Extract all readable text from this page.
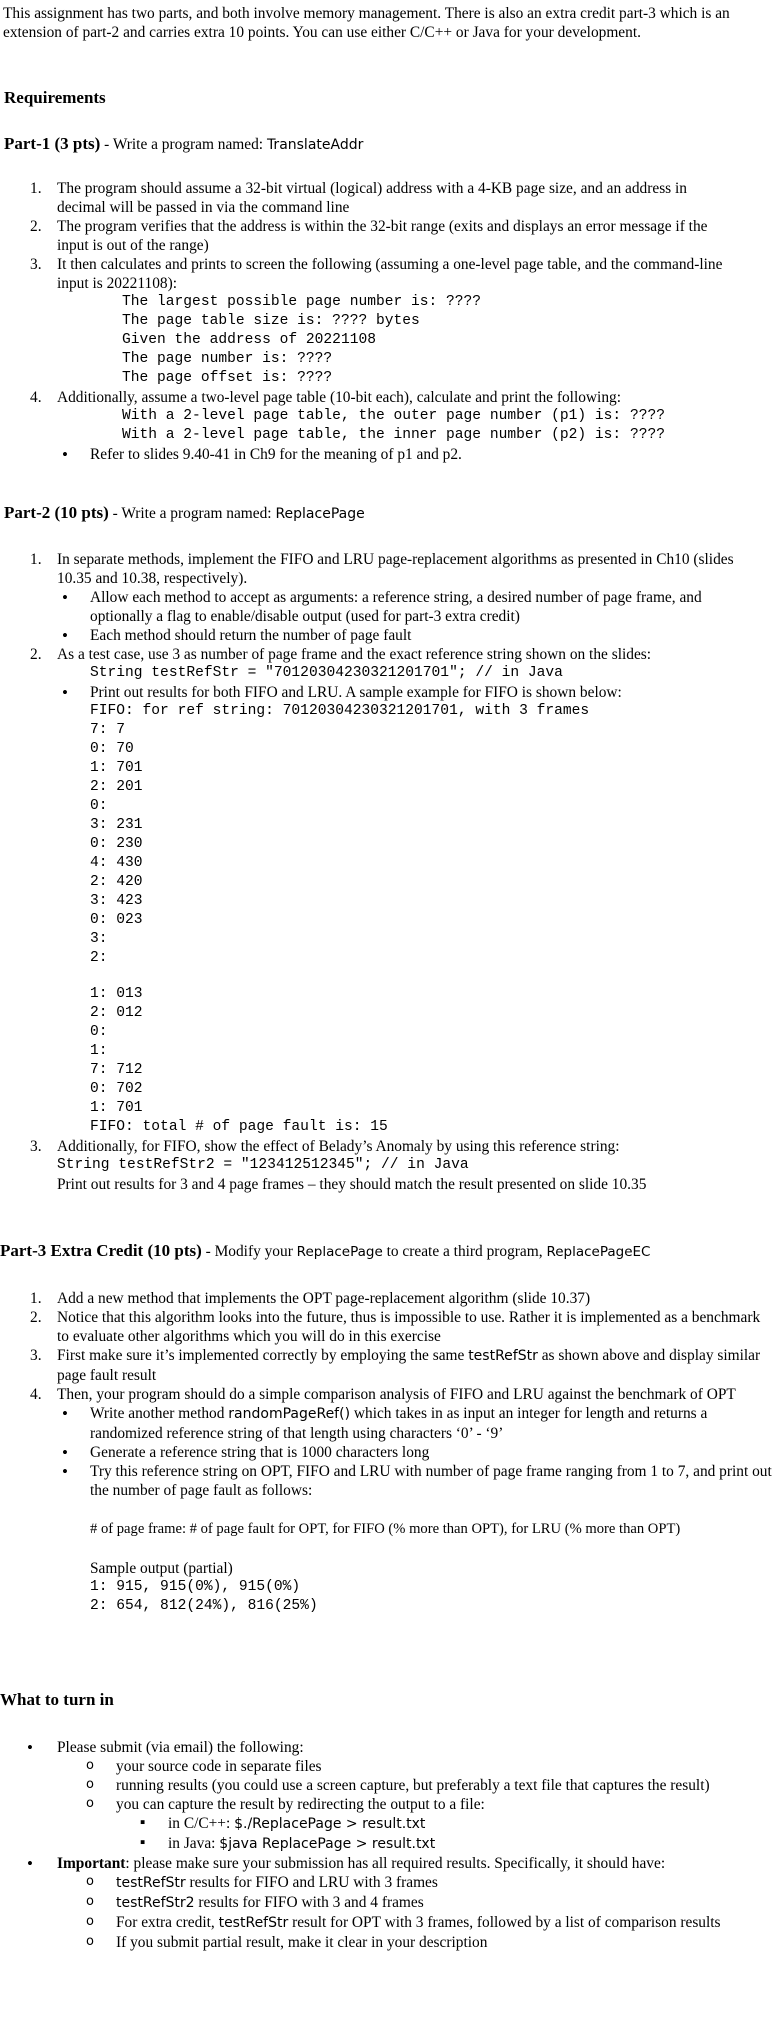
This assignment has two parts, and both involve memory management. There is also an extra credit part-3 which is an extension of part-2 and carries extra 10 points. You can use either C/C++ or Java for your development.

Requirements
Part-1 (3 pts) - Write a program named: TranslateAddr
1. The program should assume a 32-bit virtual (logical) address with a 4-KB page size, and an address in decimal will be passed in via the command line
2. The program verifies that the address is within the 32-bit range (exits and displays an error message if the input is out of the range)
3. It then calculates and prints to screen the following (assuming a one-level page table, and the command-line input is 20221108):
The largest possible page number is: ????
The page table size is: ???? bytes
Given the address of 20221108
The page number is: ????
The page offset is: ????
4. Additionally, assume a two-level page table (10-bit each), calculate and print the following:
With a 2-level page table, the outer page number (p1) is: ????
With a 2-level page table, the inner page number (p2) is: ????
• Refer to slides 9.40-41 in Ch9 for the meaning of p1 and p2.
Part-2 (10 pts) - Write a program named: ReplacePage
1. In separate methods, implement the FIFO and LRU page-replacement algorithms as presented in Ch10 (slides 10.35 and 10.38, respectively).
• Allow each method to accept as arguments: a reference string, a desired number of page frame, and optionally a flag to enable/disable output (used for part-3 extra credit)
• Each method should return the number of page fault
2. As a test case, use 3 as number of page frame and the exact reference string shown on the slides:
String testRefStr = "70120304230321201701"; // in Java
• Print out results for both FIFO and LRU. A sample example for FIFO is shown below:
FIFO: for ref string: 70120304230321201701, with 3 frames
7: 7
0: 70
1: 701
2: 201
0:
3: 231
0: 230
4: 430
2: 420
3: 423
0: 023
3:
2:
1: 013
2: 012
0:
1:
7: 712
0: 702
1: 701
FIFO: total # of page fault is: 15
3. Additionally, for FIFO, show the effect of Belady’s Anomaly by using this reference string:
String testRefStr2 = "123412512345"; // in Java
Print out results for 3 and 4 page frames – they should match the result presented on slide 10.35
Part-3 Extra Credit (10 pts) - Modify your ReplacePage to create a third program, ReplacePageEC
1. Add a new method that implements the OPT page-replacement algorithm (slide 10.37)
2. Notice that this algorithm looks into the future, thus is impossible to use. Rather it is implemented as a benchmark to evaluate other algorithms which you will do in this exercise
3. First make sure it’s implemented correctly by employing the same testRefStr as shown above and display similar page fault result
4. Then, your program should do a simple comparison analysis of FIFO and LRU against the benchmark of OPT
• Write another method randomPageRef() which takes in as input an integer for length and returns a randomized reference string of that length using characters ‘0’ - ‘9’
• Generate a reference string that is 1000 characters long
• Try this reference string on OPT, FIFO and LRU with number of page frame ranging from 1 to 7, and print out the number of page fault as follows:
# of page frame: # of page fault for OPT, for FIFO (% more than OPT), for LRU (% more than OPT)
Sample output (partial)
1: 915, 915(0%), 915(0%)
2: 654, 812(24%), 816(25%)
What to turn in
• Please submit (via email) the following:
o your source code in separate files
o running results (you could use a screen capture, but preferably a text file that captures the result)
o you can capture the result by redirecting the output to a file:
▪ in C/C++: $./ReplacePage > result.txt
▪ in Java: $java ReplacePage > result.txt
• Important: please make sure your submission has all required results. Specifically, it should have:
o testRefStr results for FIFO and LRU with 3 frames
o testRefStr2 results for FIFO with 3 and 4 frames
o For extra credit, testRefStr result for OPT with 3 frames, followed by a list of comparison results
o If you submit partial result, make it clear in your description
